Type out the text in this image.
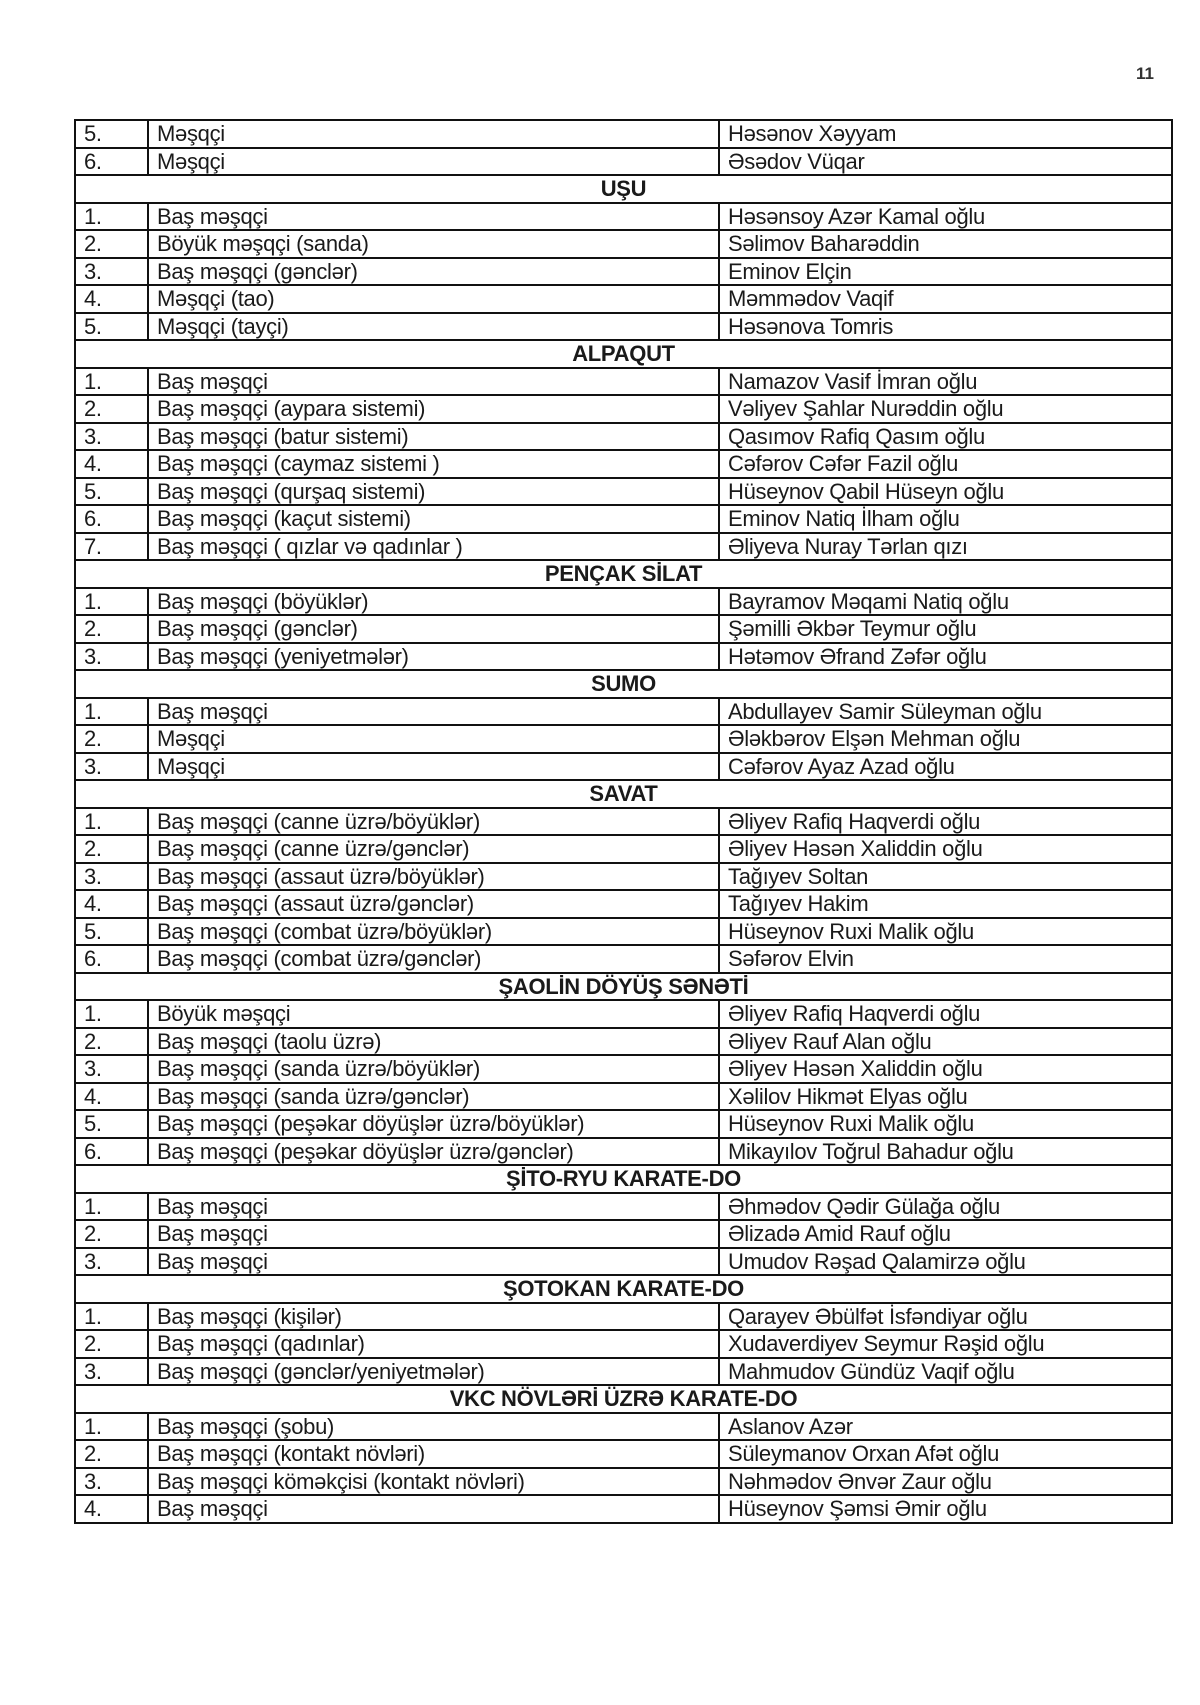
11
5.	Məşqçi	Həsənov Xəyyam
6.	Məşqçi	Əsədov Vüqar
UŞU		
1.	Baş məşqçi	Həsənsoy Azər Kamal oğlu
2.	Böyük məşqçi (sanda)	Səlimov Baharəddin
3.	Baş məşqçi (gənclər)	Eminov Elçin
4.	Məşqçi (tao)	Məmmədov Vaqif
5.	Məşqçi (tayçi)	Həsənova Tomris
ALPAQUT		
1.	Baş məşqçi	Namazov Vasif İmran oğlu
2.	Baş məşqçi (aypara sistemi)	Vəliyev Şahlar Nurəddin oğlu
3.	Baş məşqçi (batur sistemi)	Qasımov Rafiq Qasım oğlu
4.	Baş məşqçi (caymaz sistemi )	Cəfərov Cəfər Fazil oğlu
5.	Baş məşqçi (qurşaq sistemi)	Hüseynov Qabil Hüseyn oğlu
6.	Baş məşqçi (kaçut sistemi)	Eminov Natiq İlham oğlu
7.	Baş məşqçi ( qızlar və qadınlar )	Əliyeva Nuray Tərlan qızı
PENÇAK SİLAT		
1.	Baş məşqçi (böyüklər)	Bayramov Məqami Natiq oğlu
2.	Baş məşqçi (gənclər)	Şəmilli Əkbər Teymur oğlu
3.	Baş məşqçi (yeniyetmələr)	Hətəmov Əfrand Zəfər oğlu
SUMO		
1.	Baş məşqçi	Abdullayev Samir Süleyman oğlu
2.	Məşqçi	Ələkbərov Elşən Mehman oğlu
3.	Məşqçi	Cəfərov Ayaz Azad oğlu
SAVAT		
1.	Baş məşqçi (canne üzrə/böyüklər)	Əliyev Rafiq Haqverdi oğlu
2.	Baş məşqçi (canne üzrə/gənclər)	Əliyev Həsən Xaliddin oğlu
3.	Baş məşqçi (assaut üzrə/böyüklər)	Tağıyev Soltan
4.	Baş məşqçi (assaut üzrə/gənclər)	Tağıyev Hakim
5.	Baş məşqçi (combat üzrə/böyüklər)	Hüseynov Ruxi Malik oğlu
6.	Baş məşqçi (combat üzrə/gənclər)	Səfərov Elvin
ŞAOLİN DÖYÜŞ SƏNƏTİ		
1.	Böyük məşqçi	Əliyev Rafiq Haqverdi oğlu
2.	Baş məşqçi (taolu üzrə)	Əliyev Rauf Alan oğlu
3.	Baş məşqçi (sanda üzrə/böyüklər)	Əliyev Həsən Xaliddin oğlu
4.	Baş məşqçi (sanda üzrə/gənclər)	Xəlilov Hikmət Elyas oğlu
5.	Baş məşqçi (peşəkar döyüşlər üzrə/böyüklər)	Hüseynov Ruxi Malik oğlu
6.	Baş məşqçi (peşəkar döyüşlər üzrə/gənclər)	Mikayılov Toğrul Bahadur oğlu
ŞİTO-RYU KARATE-DO		
1.	Baş məşqçi	Əhmədov Qədir Gülağa oğlu
2.	Baş məşqçi	Əlizadə Amid Rauf oğlu
3.	Baş məşqçi	Umudov Rəşad Qalamirzə oğlu
ŞOTOKAN KARATE-DO		
1.	Baş məşqçi (kişilər)	Qarayev Əbülfət İsfəndiyar oğlu
2.	Baş məşqçi (qadınlar)	Xudaverdiyev Seymur Rəşid oğlu
3.	Baş məşqçi (gənclər/yeniyetmələr)	Mahmudov Gündüz Vaqif oğlu
VKC NÖVLƏRİ ÜZRƏ KARATE-DO		
1.	Baş məşqçi (şobu)	Aslanov Azər
2.	Baş məşqçi (kontakt növləri)	Süleymanov Orxan Afət oğlu
3.	Baş məşqçi köməkçisi (kontakt növləri)	Nəhmədov Ənvər Zaur oğlu
4.	Baş məşqçi	Hüseynov Şəmsi Əmir oğlu
